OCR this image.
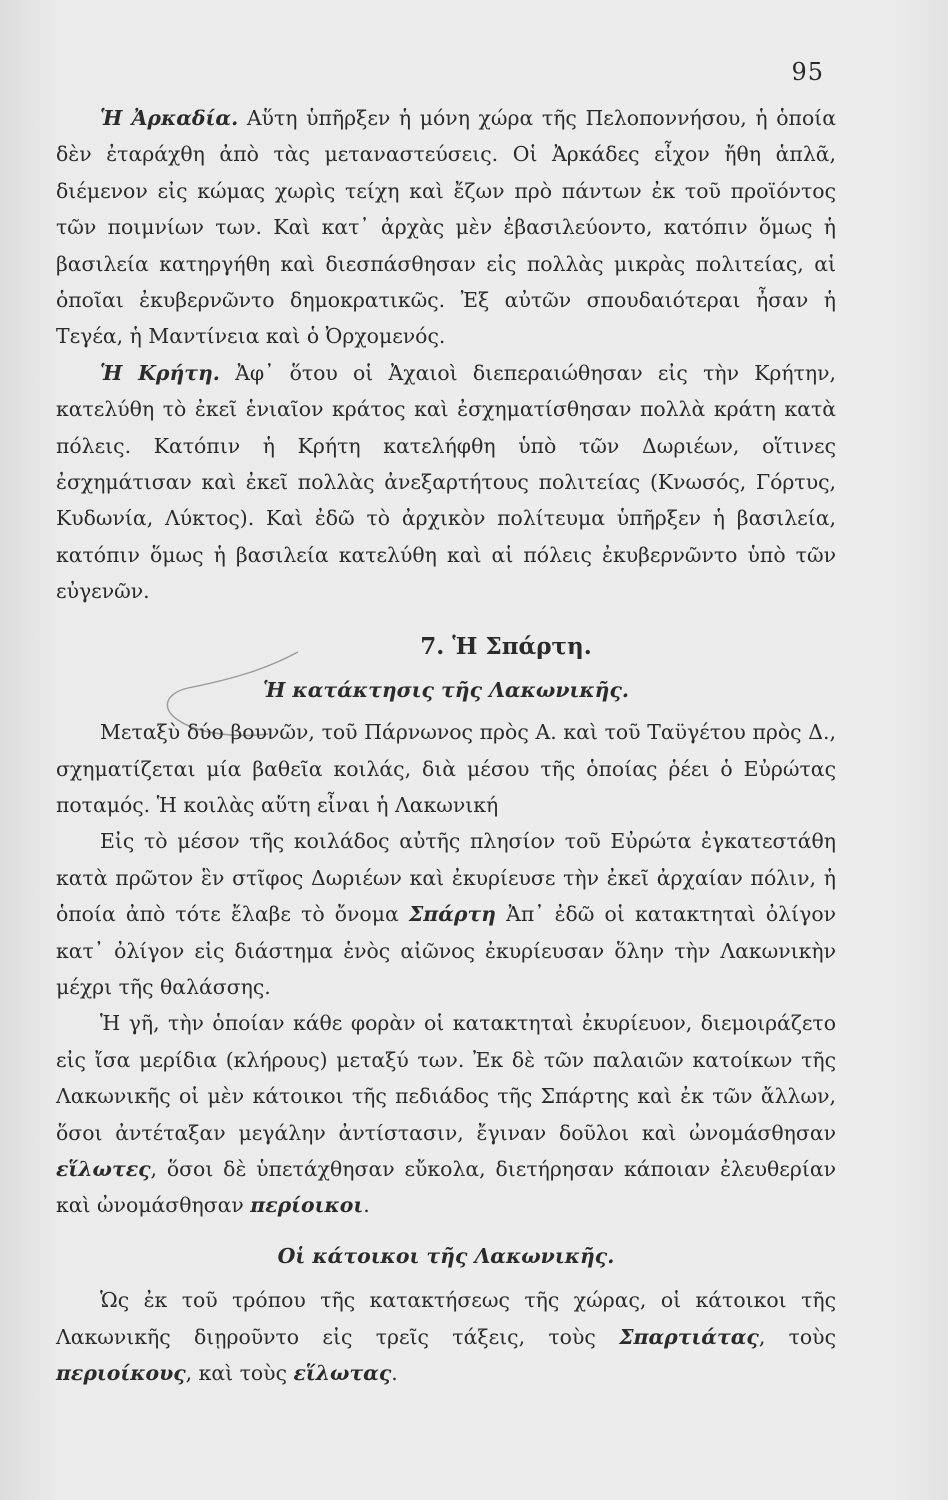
95

Ἡ Ἀρκαδία. Αὕτη ὑπῆρξεν ἡ μόνη χώρα τῆς Πελοποννήσου, ἡ ὁποία δὲν ἐταράχθη ἀπὸ τὰς μεταναστεύσεις. Οἱ Ἀρκάδες εἶχον ἤθη ἁπλᾶ, διέμενον εἰς κώμας χωρὶς τείχη καὶ ἔζων πρὸ πάντων ἐκ τοῦ προϊόντος τῶν ποιμνίων των. Καὶ κατ᾽ ἀρχὰς μὲν ἐβασιλεύοντο, κατόπιν ὅμως ἡ βασιλεία κατηργήθη καὶ διεσπάσθησαν εἰς πολλὰς μικρὰς πολιτείας, αἱ ὁποῖαι ἐκυβερνῶντο δημοκρατικῶς. Ἐξ αὐτῶν σπουδαιότεραι ἦσαν ἡ Τεγέα, ἡ Μαντίνεια καὶ ὁ Ὀρχομενός.

Ἡ Κρήτη. Ἀφ᾽ ὅτου οἱ Ἀχαιοὶ διεπεραιώθησαν εἰς τὴν Κρήτην, κατελύθη τὸ ἐκεῖ ἑνιαῖον κράτος καὶ ἐσχηματίσθησαν πολλὰ κράτη κατὰ πόλεις. Κατόπιν ἡ Κρήτη κατελήφθη ὑπὸ τῶν Δωριέων, οἵτινες ἐσχημάτισαν καὶ ἐκεῖ πολλὰς ἀνεξαρτήτους πολιτείας (Κνωσός, Γόρτυς, Κυδωνία, Λύκτος). Καὶ ἐδῶ τὸ ἀρχικὸν πολίτευμα ὑπῆρξεν ἡ βασιλεία, κατόπιν ὅμως ἡ βασιλεία κατελύθη καὶ αἱ πόλεις ἐκυβερνῶντο ὑπὸ τῶν εὐγενῶν.

7. Ἡ Σπάρτη.
Ἡ κατάκτησις τῆς Λακωνικῆς.

Μεταξὺ δύο βουνῶν, τοῦ Πάρνωνος πρὸς Α. καὶ τοῦ Ταϋγέτου πρὸς Δ., σχηματίζεται μία βαθεῖα κοιλάς, διὰ μέσου τῆς ὁποίας ῥέει ὁ Εὐρώτας ποταμός. Ἡ κοιλὰς αὕτη εἶναι ἡ Λακωνική

Εἰς τὸ μέσον τῆς κοιλάδος αὐτῆς πλησίον τοῦ Εὐρώτα ἐγκατεστάθη κατὰ πρῶτον ἓν στῖφος Δωριέων καὶ ἐκυρίευσε τὴν ἐκεῖ ἀρχαίαν πόλιν, ἡ ὁποία ἀπὸ τότε ἔλαβε τὸ ὄνομα Σπάρτη Ἀπ᾽ ἐδῶ οἱ κατακτηταὶ ὀλίγον κατ᾽ ὀλίγον εἰς διάστημα ἑνὸς αἰῶνος ἐκυρίευσαν ὅλην τὴν Λακωνικὴν μέχρι τῆς θαλάσσης.

Ἡ γῆ, τὴν ὁποίαν κάθε φορὰν οἱ κατακτηταὶ ἐκυρίευον, διεμοιράζετο εἰς ἴσα μερίδια (κλήρους) μεταξύ των. Ἐκ δὲ τῶν παλαιῶν κατοίκων τῆς Λακωνικῆς οἱ μὲν κάτοικοι τῆς πεδιάδος τῆς Σπάρτης καὶ ἐκ τῶν ἄλλων, ὅσοι ἀντέταξαν μεγάλην ἀντίστασιν, ἔγιναν δοῦλοι καὶ ὠνομάσθησαν εἵλωτες, ὅσοι δὲ ὑπετάχθησαν εὔκολα, διετήρησαν κάποιαν ἐλευθερίαν καὶ ὠνομάσθησαν περίοικοι.

Οἱ κάτοικοι τῆς Λακωνικῆς.

Ὡς ἐκ τοῦ τρόπου τῆς κατακτήσεως τῆς χώρας, οἱ κάτοικοι τῆς Λακωνικῆς διῃροῦντο εἰς τρεῖς τάξεις, τοὺς Σπαρτιάτας, τοὺς περιοίκους, καὶ τοὺς εἵλωτας.
